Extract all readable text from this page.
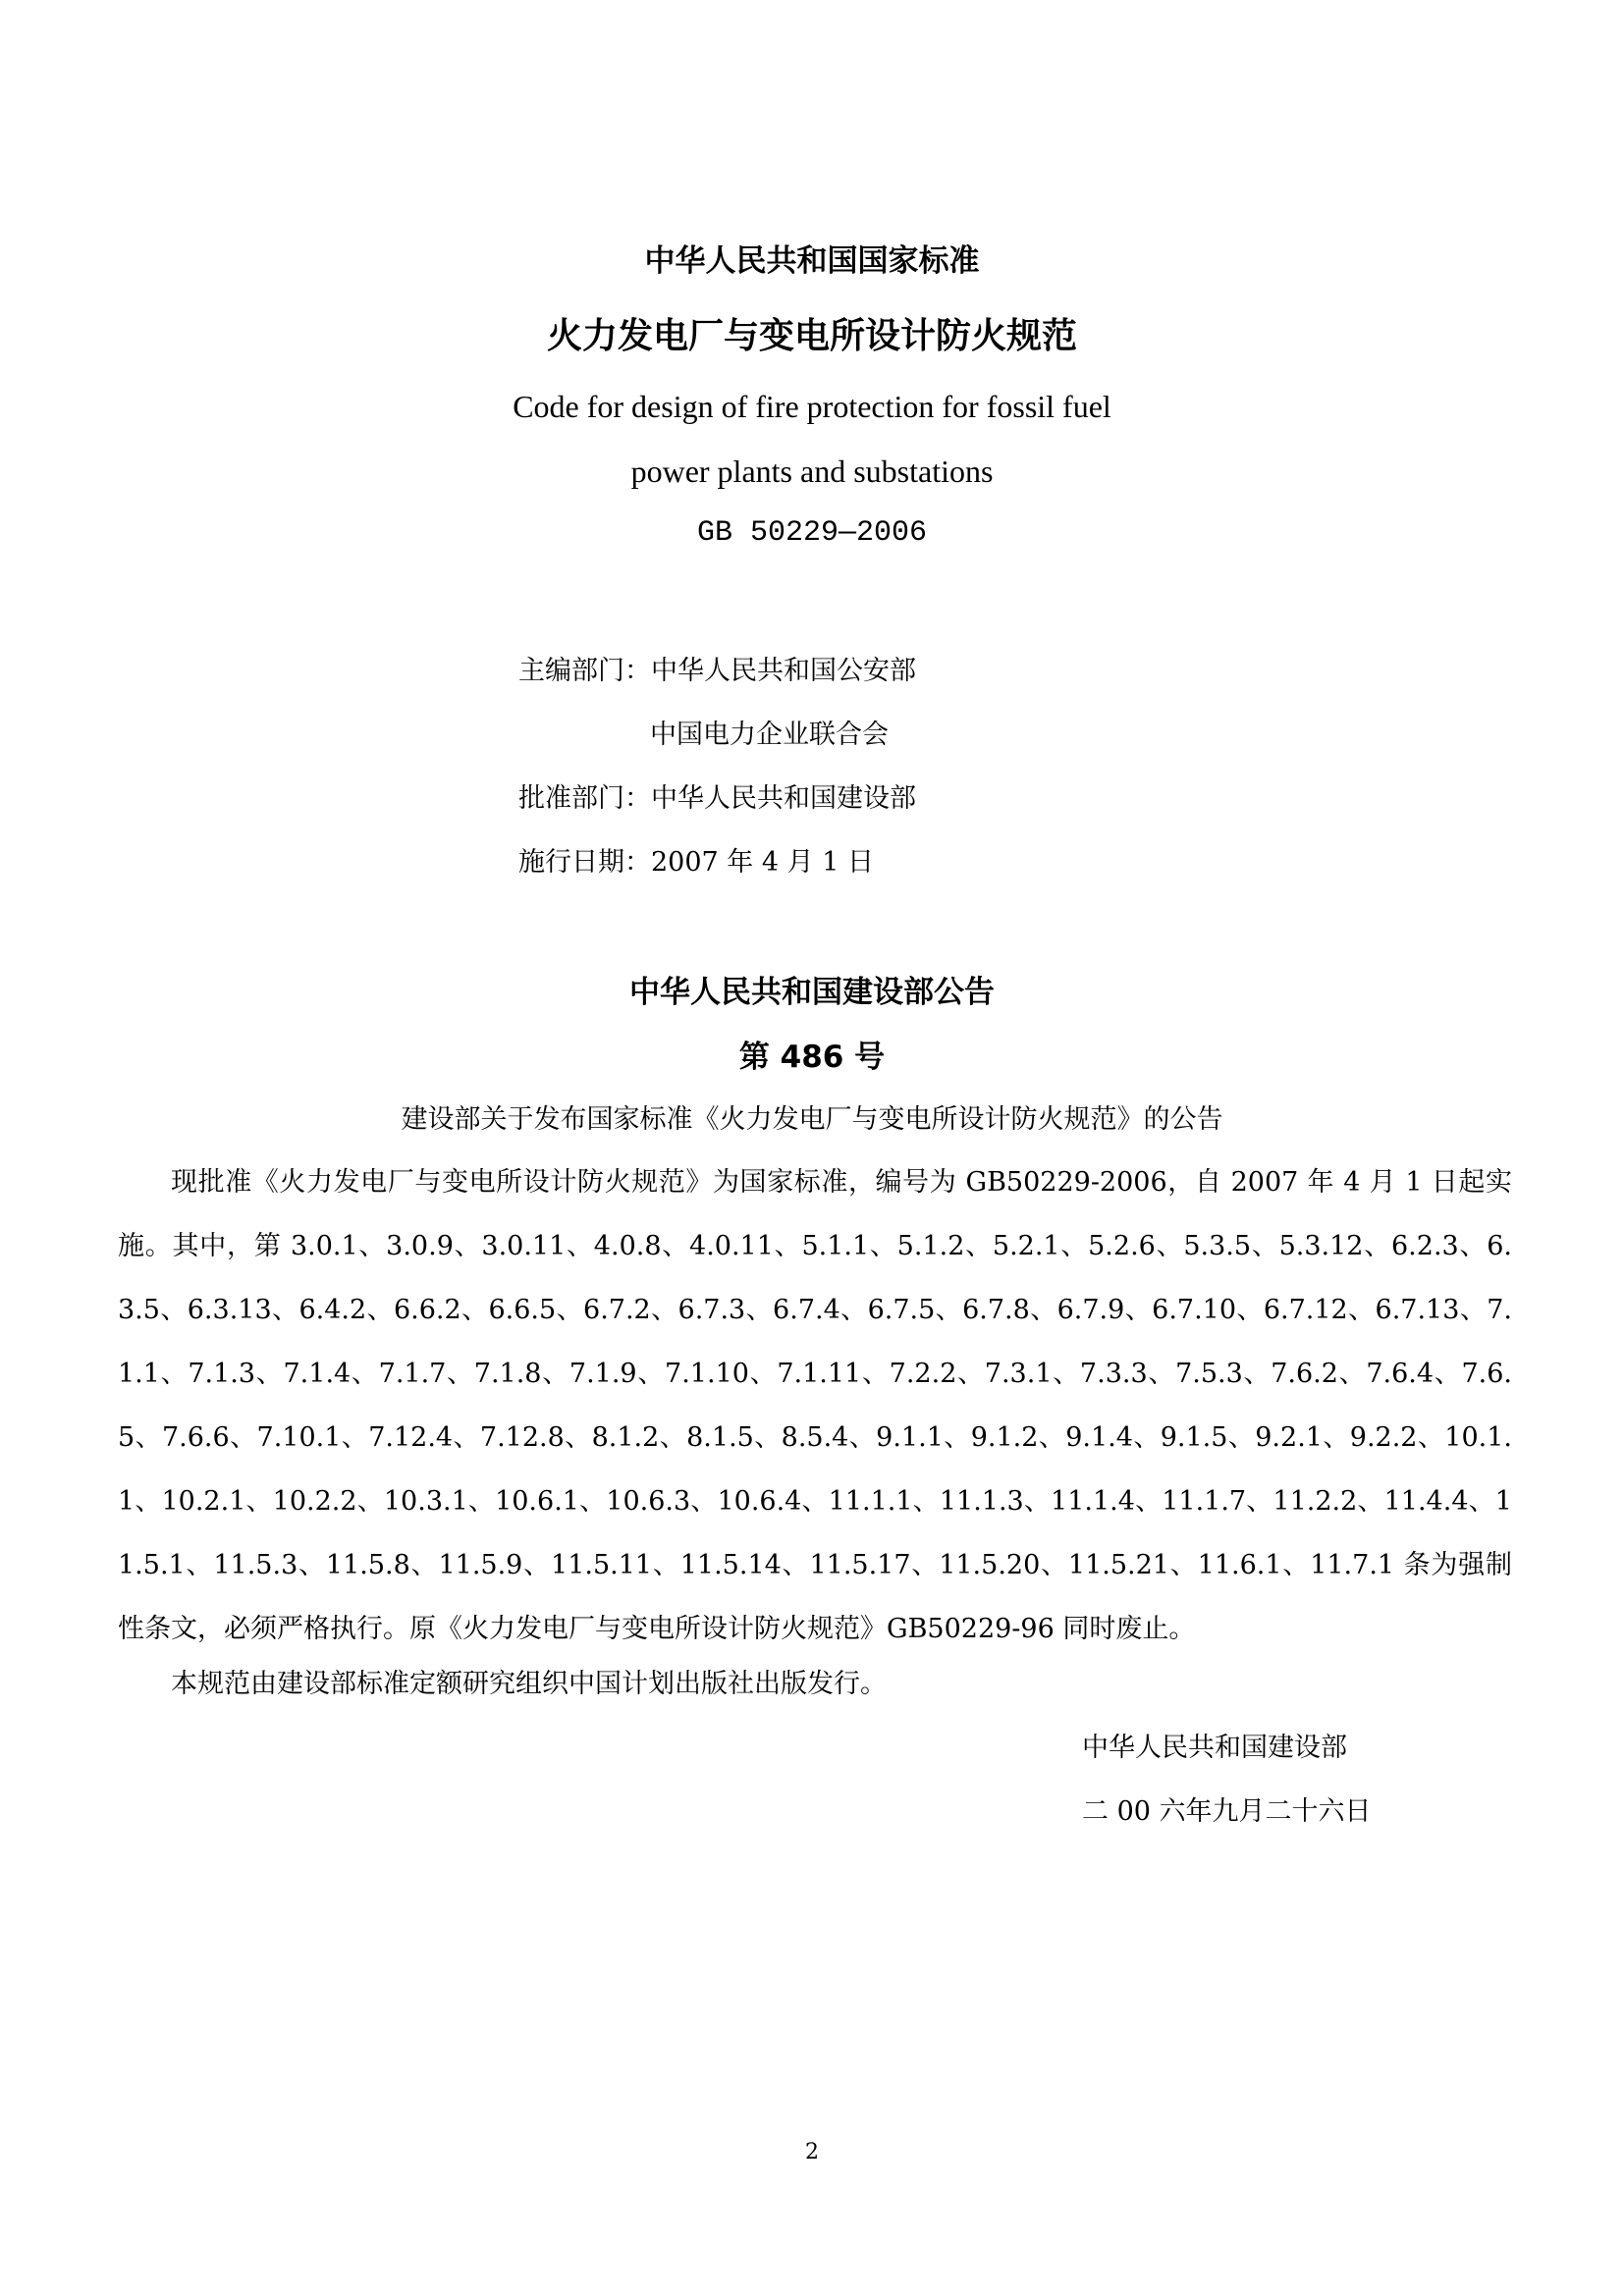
中华人民共和国国家标准
火力发电厂与变电所设计防火规范
Code for design of fire protection for fossil fuel
power plants and substations
GB 50229—2006
主编部门：中华人民共和国公安部
中国电力企业联合会
批准部门：中华人民共和国建设部
施行日期：2007 年 4 月 1 日
中华人民共和国建设部公告
第 486 号
建设部关于发布国家标准《火力发电厂与变电所设计防火规范》的公告

现批准《火力发电厂与变电所设计防火规范》为国家标准，编号为 GB50229-2006，自 2007 年 4 月 1 日起实施。其中，第 3.0.1、3.0.9、3.0.11、4.0.8、4.0.11、5.1.1、5.1.2、5.2.1、5.2.6、5.3.5、5.3.12、6.2.3、6.3.5、6.3.13、6.4.2、6.6.2、6.6.5、6.7.2、6.7.3、6.7.4、6.7.5、6.7.8、6.7.9、6.7.10、6.7.12、6.7.13、7.1.1、7.1.3、7.1.4、7.1.7、7.1.8、7.1.9、7.1.10、7.1.11、7.2.2、7.3.1、7.3.3、7.5.3、7.6.2、7.6.4、7.6.5、7.6.6、7.10.1、7.12.4、7.12.8、8.1.2、8.1.5、8.5.4、9.1.1、9.1.2、9.1.4、9.1.5、9.2.1、9.2.2、10.1.1、10.2.1、10.2.2、10.3.1、10.6.1、10.6.3、10.6.4、11.1.1、11.1.3、11.1.4、11.1.7、11.2.2、11.4.4、11.5.1、11.5.3、11.5.8、11.5.9、11.5.11、11.5.14、11.5.17、11.5.20、11.5.21、11.6.1、11.7.1 条为强制性条文，必须严格执行。原《火力发电厂与变电所设计防火规范》GB50229-96 同时废止。

本规范由建设部标准定额研究组织中国计划出版社出版发行。
中华人民共和国建设部
二 00 六年九月二十六日
2
